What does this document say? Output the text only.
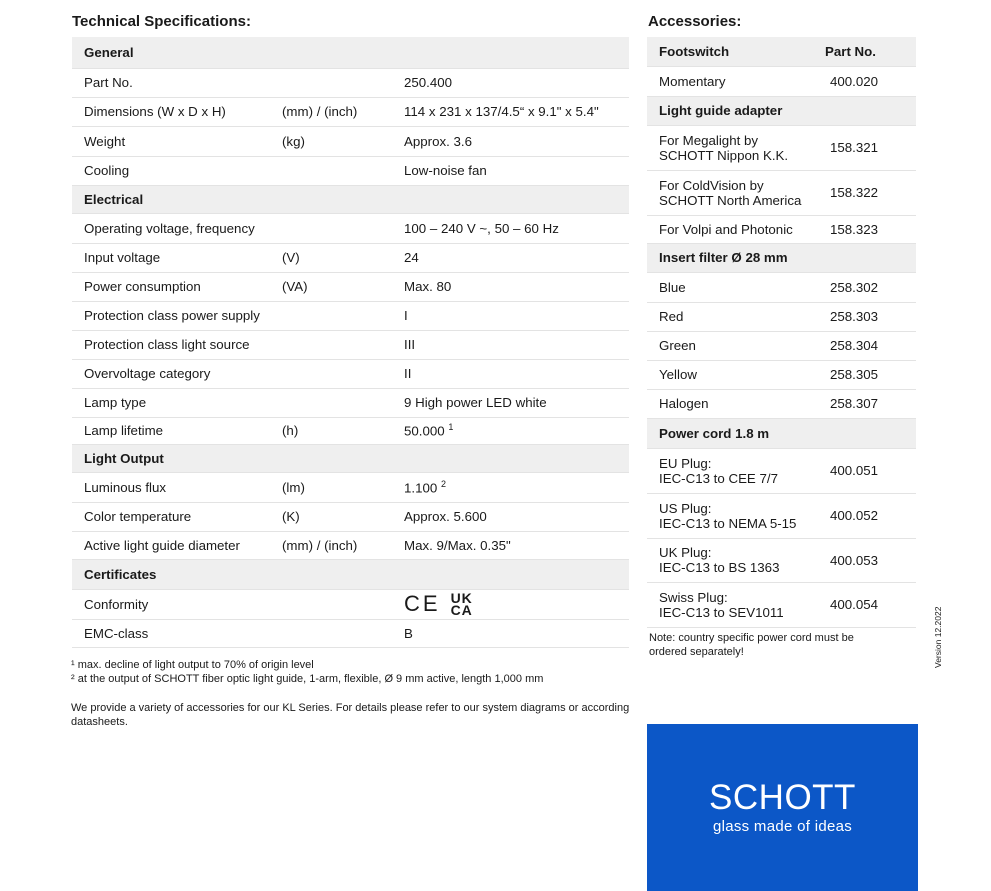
Technical Specifications:
General		
Part No.		250.400
Dimensions (W x D x H)	(mm) / (inch)	114 x 231 x 137/4.5“ x 9.1" x 5.4"
Weight	(kg)	Approx. 3.6
Cooling		Low-noise fan
Electrical		
Operating voltage, frequency		100 – 240 V ~, 50 – 60 Hz
Input voltage	(V)	24
Power consumption	(VA)	Max. 80
Protection class power supply		I
Protection class light source		III
Overvoltage category		II
Lamp type		9 High power LED white
Lamp lifetime	(h)	50.000 $^1$
Light Output		
Luminous flux	(lm)	1.100 $^2$
Color temperature	(K)	Approx. 5.600
Active light guide diameter	(mm) / (inch)	Max. 9/Max. 0.35"
Certificates		
Conformity		CE UK
CA

EMC-class		B
¹ max. decline of light output to 70% of origin level
² at the output of SCHOTT fiber optic light guide, 1-arm, flexible, Ø 9 mm active, length 1,000 mm
We provide a variety of accessories for our KL Series. For details please refer to our system diagrams or according datasheets.
Accessories:
Footswitch	Part No.
Momentary	400.020
Light guide adapter	
For Megalight by
SCHOTT Nippon K.K.	158.321
For ColdVision by
SCHOTT North America	158.322
For Volpi and Photonic	158.323
Insert filter Ø 28 mm	
Blue	258.302
Red	258.303
Green	258.304
Yellow	258.305
Halogen	258.307
Power cord 1.8 m	
EU Plug:
IEC-C13 to CEE 7/7	400.051
US Plug:
IEC-C13 to NEMA 5-15	400.052
UK Plug:
IEC-C13 to BS 1363	400.053
Swiss Plug:
IEC-C13 to SEV1011	400.054
Note: country specific power cord must be ordered separately!	Version 12.2022
SCHOTT
glass made of ideas
